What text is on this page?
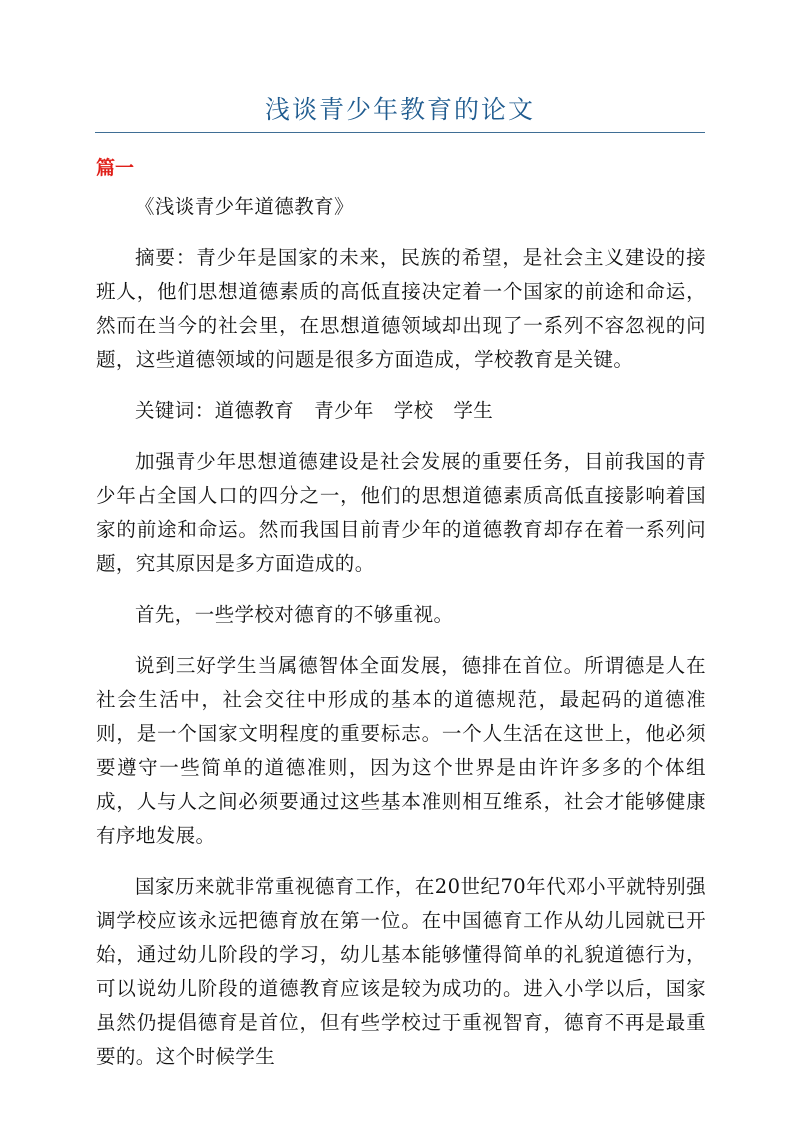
浅谈青少年教育的论文
篇一

《浅谈青少年道德教育》

摘要：青少年是国家的未来，民族的希望，是社会主义建设的接班人，他们思想道德素质的高低直接决定着一个国家的前途和命运，然而在当今的社会里，在思想道德领域却出现了一系列不容忽视的问题，这些道德领域的问题是很多方面造成，学校教育是关键。

关键词：道德教育　青少年　学校　学生

加强青少年思想道德建设是社会发展的重要任务，目前我国的青少年占全国人口的四分之一，他们的思想道德素质高低直接影响着国家的前途和命运。然而我国目前青少年的道德教育却存在着一系列问题，究其原因是多方面造成的。

首先，一些学校对德育的不够重视。

说到三好学生当属德智体全面发展，德排在首位。所谓德是人在社会生活中，社会交往中形成的基本的道德规范，最起码的道德准则，是一个国家文明程度的重要标志。一个人生活在这世上，他必须要遵守一些简单的道德准则，因为这个世界是由许许多多的个体组成，人与人之间必须要通过这些基本准则相互维系，社会才能够健康有序地发展。

国家历来就非常重视德育工作，在20世纪70年代邓小平就特别强调学校应该永远把德育放在第一位。在中国德育工作从幼儿园就已开始，通过幼儿阶段的学习，幼儿基本能够懂得简单的礼貌道德行为，可以说幼儿阶段的道德教育应该是较为成功的。进入小学以后，国家虽然仍提倡德育是首位，但有些学校过于重视智育，德育不再是最重要的。这个时候学生
